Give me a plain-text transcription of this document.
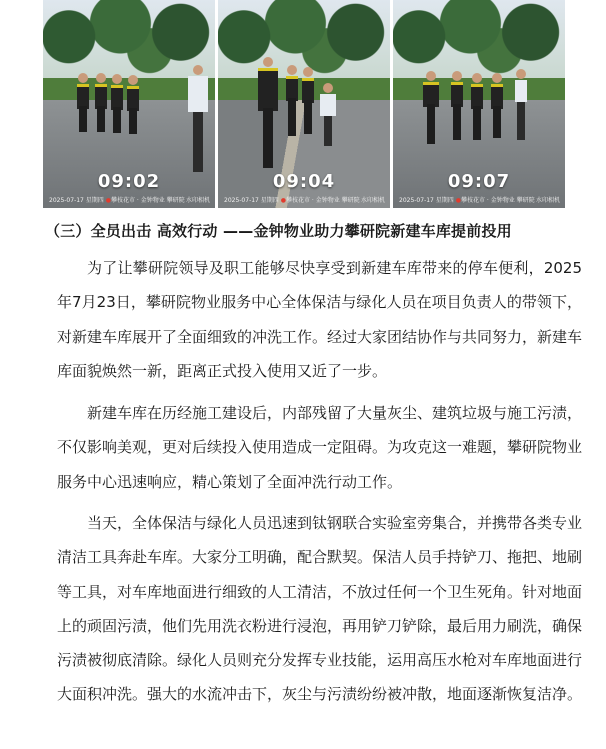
09:02
2025-07-17 星期四 ●攀枝花市 · 金钟物业 攀研院 水印相机
09:04
2025-07-17 星期四 ●攀枝花市 · 金钟物业 攀研院 水印相机
09:07
2025-07-17 星期四 ●攀枝花市 · 金钟物业 攀研院 水印相机
（三）全员出击 高效行动 ——金钟物业助力攀研院新建车库提前投用

为了让攀研院领导及职工能够尽快享受到新建车库带来的停车便利，2025年7月23日，攀研院物业服务中心全体保洁与绿化人员在项目负责人的带领下，对新建车库展开了全面细致的冲洗工作。经过大家团结协作与共同努力，新建车库面貌焕然一新，距离正式投入使用又近了一步。

新建车库在历经施工建设后，内部残留了大量灰尘、建筑垃圾与施工污渍，不仅影响美观，更对后续投入使用造成一定阻碍。为攻克这一难题，攀研院物业服务中心迅速响应，精心策划了全面冲洗行动工作。

当天，全体保洁与绿化人员迅速到钛钢联合实验室旁集合，并携带各类专业清洁工具奔赴车库。大家分工明确，配合默契。保洁人员手持铲刀、拖把、地刷等工具，对车库地面进行细致的人工清洁，不放过任何一个卫生死角。针对地面上的顽固污渍，他们先用洗衣粉进行浸泡，再用铲刀铲除，最后用力刷洗，确保污渍被彻底清除。绿化人员则充分发挥专业技能，运用高压水枪对车库地面进行大面积冲洗。强大的水流冲击下，灰尘与污渍纷纷被冲散，地面逐渐恢复洁净。
